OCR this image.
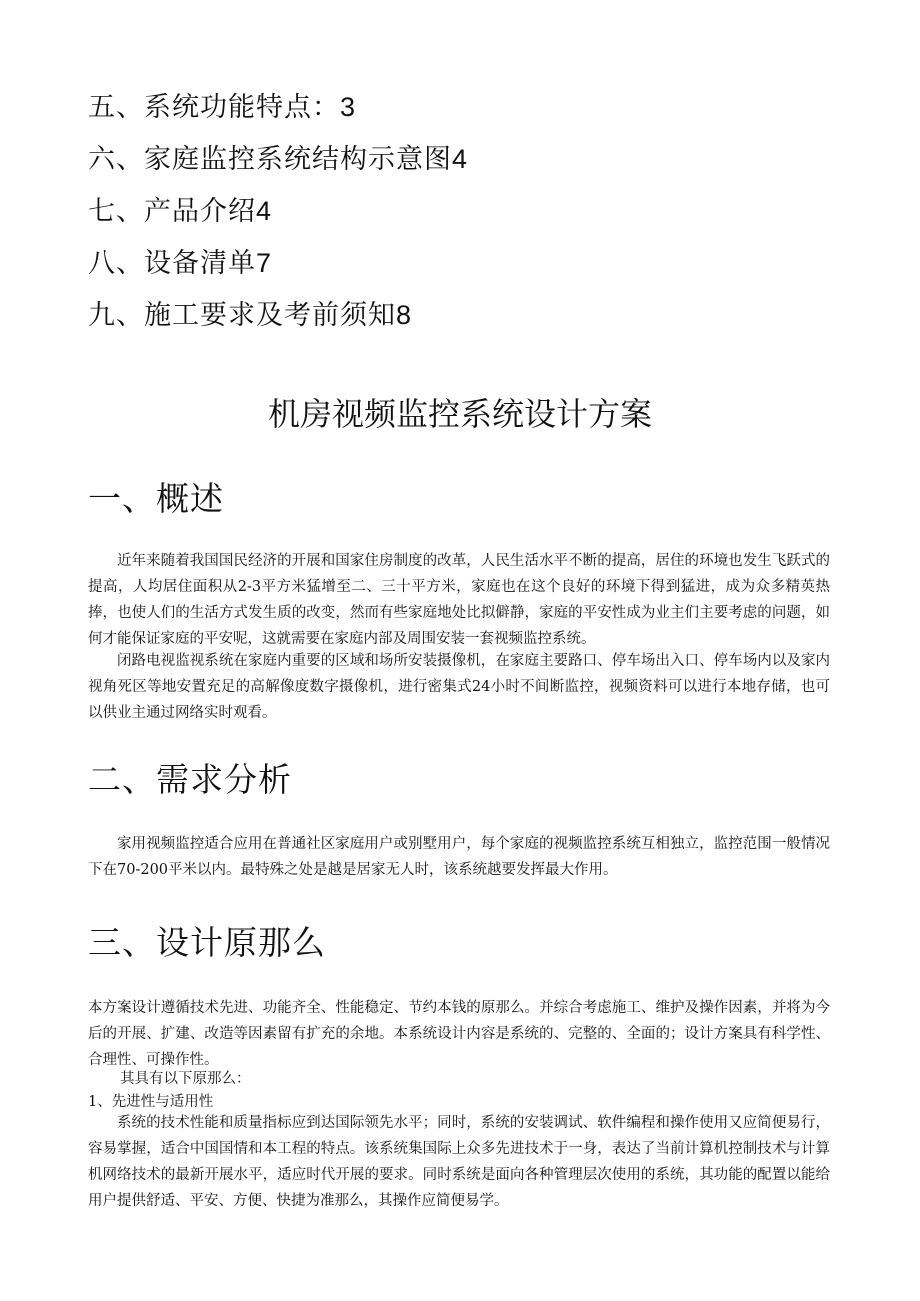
五、系统功能特点：3
六、家庭监控系统结构示意图4
七、产品介绍4
八、设备清单7
九、施工要求及考前须知8
机房视频监控系统设计方案
一、概述
近年来随着我国国民经济的开展和国家住房制度的改革，人民生活水平不断的提高，居住的环境也发生飞跃式的提高，人均居住面积从2-3平方米猛增至二、三十平方米，家庭也在这个良好的环境下得到猛进，成为众多精英热捧，也使人们的生活方式发生质的改变，然而有些家庭地处比拟僻静，家庭的平安性成为业主们主要考虑的问题，如何才能保证家庭的平安呢，这就需要在家庭内部及周围安装一套视频监控系统。
闭路电视监视系统在家庭内重要的区域和场所安装摄像机，在家庭主要路口、停车场出入口、停车场内以及家内视角死区等地安置充足的高解像度数字摄像机，进行密集式24小时不间断监控，视频资料可以进行本地存储，也可以供业主通过网络实时观看。
二、需求分析
家用视频监控适合应用在普通社区家庭用户或别墅用户，每个家庭的视频监控系统互相独立，监控范围一般情况下在70-200平米以内。最特殊之处是越是居家无人时，该系统越要发挥最大作用。
三、设计原那么
本方案设计遵循技术先进、功能齐全、性能稳定、节约本钱的原那么。并综合考虑施工、维护及操作因素，并将为今后的开展、扩建、改造等因素留有扩充的余地。本系统设计内容是系统的、完整的、全面的；设计方案具有科学性、合理性、可操作性。
其具有以下原那么：
1、先进性与适用性
系统的技术性能和质量指标应到达国际领先水平；同时，系统的安装调试、软件编程和操作使用又应简便易行，容易掌握，适合中国国情和本工程的特点。该系统集国际上众多先进技术于一身，表达了当前计算机控制技术与计算机网络技术的最新开展水平，适应时代开展的要求。同时系统是面向各种管理层次使用的系统，其功能的配置以能给用户提供舒适、平安、方便、快捷为准那么，其操作应简便易学。
